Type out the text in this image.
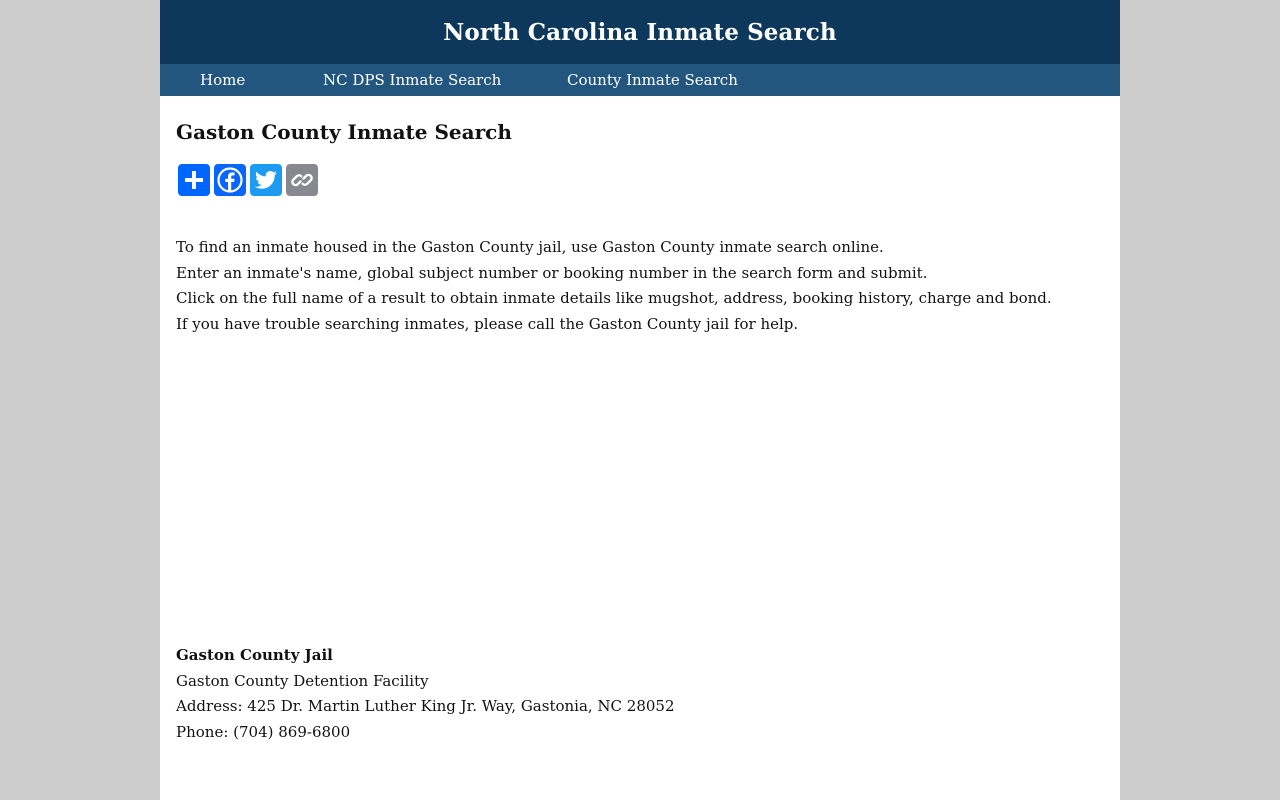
North Carolina Inmate Search
Home	NC DPS Inmate Search	County Inmate Search
Gaston County Inmate Search

To find an inmate housed in the Gaston County jail, use Gaston County inmate search online.

Enter an inmate's name, global subject number or booking number in the search form and submit.

Click on the full name of a result to obtain inmate details like mugshot, address, booking history, charge and bond.

If you have trouble searching inmates, please call the Gaston County jail for help.

Gaston County Jail

Gaston County Detention Facility

Address: 425 Dr. Martin Luther King Jr. Way, Gastonia, NC 28052

Phone: (704) 869-6800
